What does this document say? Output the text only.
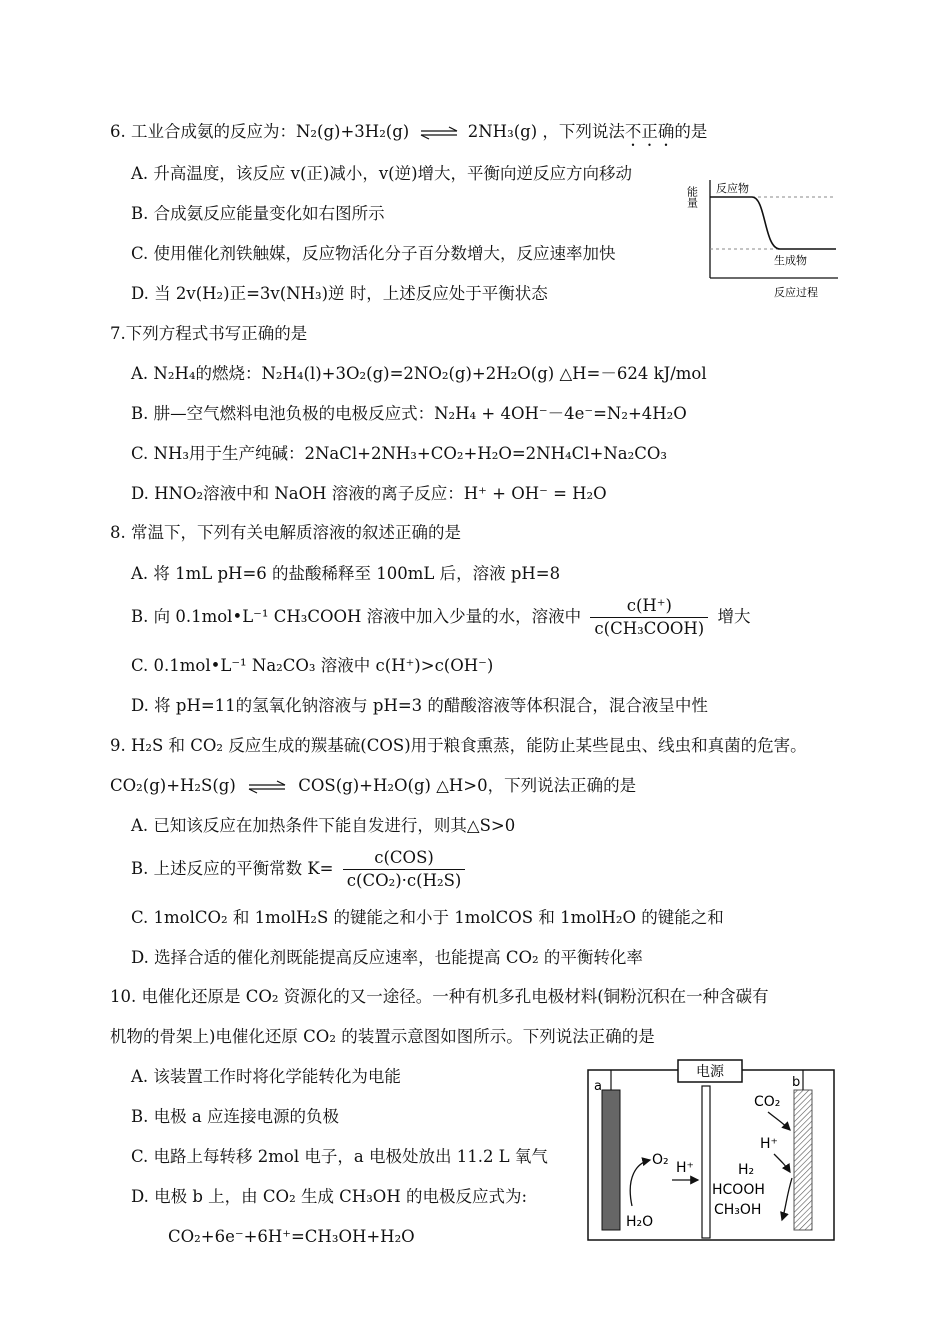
6. 工业合成氨的反应为：N₂(g)+3H₂(g) ⇌ 2NH₃(g) ，下列说法不正确的是
A. 升高温度，该反应 v(正)减小，v(逆)增大，平衡向逆反应方向移动
B. 合成氨反应能量变化如右图所示
C. 使用催化剂铁触媒，反应物活化分子百分数增大，反应速率加快
D. 当 2v(H₂)正=3v(NH₃)逆 时，上述反应处于平衡状态
能量 反应物
生成物
反应过程
7.下列方程式书写正确的是
A. N₂H₄的燃烧：N₂H₄(l)+3O₂(g)=2NO₂(g)+2H₂O(g) △H=－624 kJ/mol
B. 肼—空气燃料电池负极的电极反应式：N₂H₄ + 4OH⁻－4e⁻=N₂+4H₂O
C. NH₃用于生产纯碱：2NaCl+2NH₃+CO₂+H₂O=2NH₄Cl+Na₂CO₃
D. HNO₂溶液中和 NaOH 溶液的离子反应：H⁺ + OH⁻ = H₂O
8. 常温下，下列有关电解质溶液的叙述正确的是
A. 将 1mL pH=6 的盐酸稀释至 100mL 后，溶液 pH=8
B. 向 0.1mol•L⁻¹ CH₃COOH 溶液中加入少量的水，溶液中 $\frac{c(H^+)}{\text{c(CH₃COOH)}}$ 增大
C. 0.1mol•L⁻¹ Na₂CO₃ 溶液中 c(H⁺)>c(OH⁻)
D. 将 pH=11的氢氧化钠溶液与 pH=3 的醋酸溶液等体积混合，混合液呈中性
9. H₂S 和 CO₂ 反应生成的羰基硫(COS)用于粮食熏蒸，能防止某些昆虫、线虫和真菌的危害。
CO₂(g)+H₂S(g) ⇌ COS(g)+H₂O(g) △H>0，下列说法正确的是
A. 已知该反应在加热条件下能自发进行，则其△S>0
B. 上述反应的平衡常数 $K= \frac{\text{c(COS)}}{\text{c(CO₂)·c(H₂S)}}$
C. 1molCO₂ 和 1molH₂S 的键能之和小于 1molCOS 和 1molH₂O 的键能之和
D. 选择合适的催化剂既能提高反应速率，也能提高 CO₂ 的平衡转化率
10. 电催化还原是 CO₂ 资源化的又一途径。一种有机多孔电极材料(铜粉沉积在一种含碳有
机物的骨架上)电催化还原 CO₂ 的装置示意图如图所示。下列说法正确的是
A. 该装置工作时将化学能转化为电能
B. 电极 a 应连接电源的负极
C. 电路上每转移 2mol 电子，a 电极处放出 11.2 L 氧气
D. 电极 b 上，由 CO₂ 生成 CH₃OH 的电极反应式为:
CO₂+6e⁻+6H⁺=CH₃OH+H₂O
电源
a	b
O₂
H₂O
H⁺
CO₂
H⁺
H₂
HCOOH
CH₃OH
